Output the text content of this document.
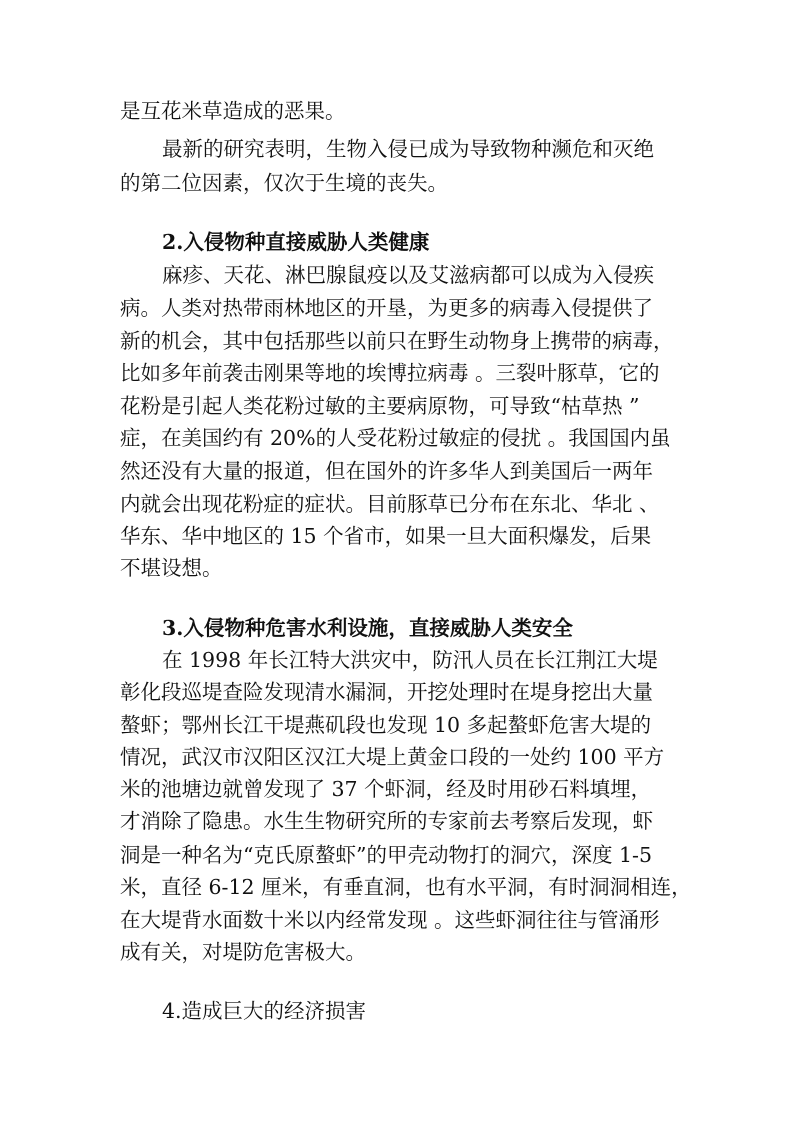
是互花米草造成的恶果。
最新的研究表明，生物入侵已成为导致物种濒危和灭绝
的第二位因素，仅次于生境的丧失。
2.入侵物种直接威胁人类健康
麻疹、天花、淋巴腺鼠疫以及艾滋病都可以成为入侵疾
病。人类对热带雨林地区的开垦，为更多的病毒入侵提供了
新的机会，其中包括那些以前只在野生动物身上携带的病毒，
比如多年前袭击刚果等地的埃博拉病毒 。三裂叶豚草，它的
花粉是引起人类花粉过敏的主要病原物，可导致“枯草热 ”
症，在美国约有 20%的人受花粉过敏症的侵扰 。我国国内虽
然还没有大量的报道，但在国外的许多华人到美国后一两年
内就会出现花粉症的症状。目前豚草已分布在东北、华北 、
华东、华中地区的 15 个省市，如果一旦大面积爆发，后果
不堪设想。
3.入侵物种危害水利设施，直接威胁人类安全
在 1998 年长江特大洪灾中，防汛人员在长江荆江大堤
彰化段巡堤查险发现清水漏洞，开挖处理时在堤身挖出大量
螯虾；鄂州长江干堤燕矶段也发现 10 多起螯虾危害大堤的
情况，武汉市汉阳区汉江大堤上黄金口段的一处约 100 平方
米的池塘边就曾发现了 37 个虾洞，经及时用砂石料填埋，
才消除了隐患。水生生物研究所的专家前去考察后发现，虾
洞是一种名为“克氏原螯虾”的甲壳动物打的洞穴，深度 1-5
米，直径 6-12 厘米，有垂直洞，也有水平洞，有时洞洞相连，
在大堤背水面数十米以内经常发现 。这些虾洞往往与管涌形
成有关，对堤防危害极大。
4.造成巨大的经济损害
